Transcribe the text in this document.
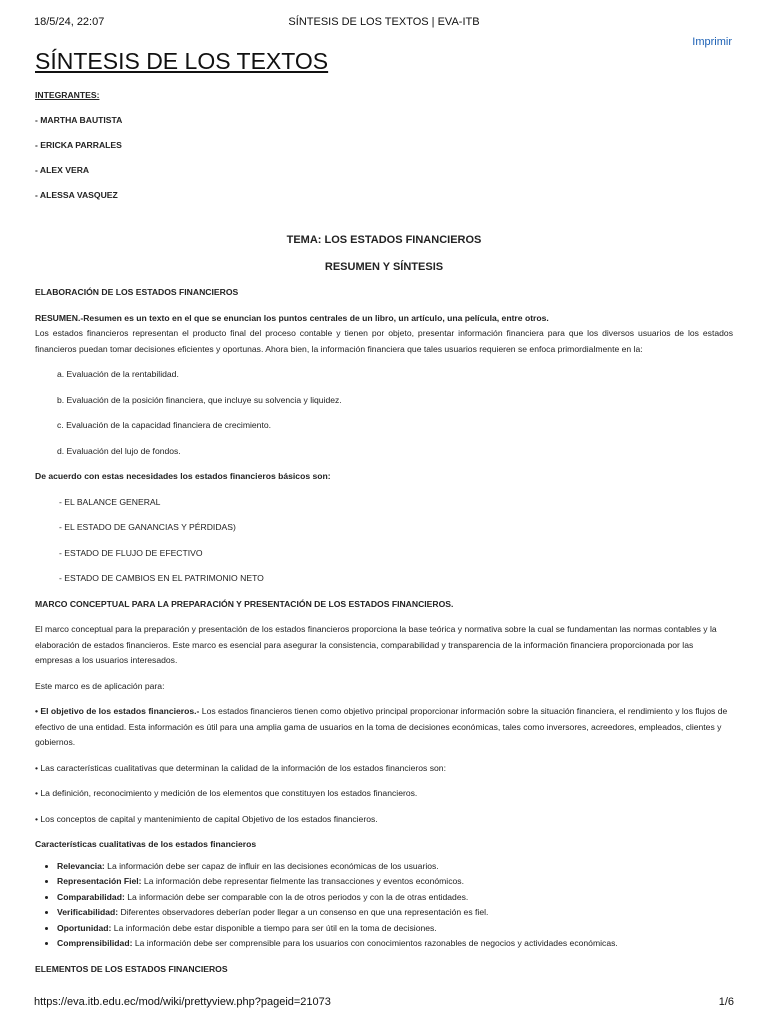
18/5/24, 22:07	SÍNTESIS DE LOS TEXTOS | EVA-ITB
Imprimir
SÍNTESIS DE LOS TEXTOS

INTEGRANTES:

- MARTHA BAUTISTA

- ERICKA PARRALES

- ALEX VERA

- ALESSA VASQUEZ

TEMA: LOS ESTADOS FINANCIEROS

RESUMEN Y SÍNTESIS

ELABORACIÓN DE LOS ESTADOS FINANCIEROS

RESUMEN.-Resumen es un texto en el que se enuncian los puntos centrales de un libro, un artículo, una película, entre otros.

Los estados financieros representan el producto final del proceso contable y tienen por objeto, presentar información financiera para que los diversos usuarios de los estados financieros puedan tomar decisiones eficientes y oportunas. Ahora bien, la información financiera que tales usuarios requieren se enfoca primordialmente en la:

a. Evaluación de la rentabilidad.

b. Evaluación de la posición financiera, que incluye su solvencia y liquidez.

c. Evaluación de la capacidad financiera de crecimiento.

d. Evaluación del lujo de fondos.

De acuerdo con estas necesidades los estados financieros básicos son:

- EL BALANCE GENERAL

- EL ESTADO DE GANANCIAS Y PÉRDIDAS)

- ESTADO DE FLUJO DE EFECTIVO

- ESTADO DE CAMBIOS EN EL PATRIMONIO NETO

MARCO CONCEPTUAL PARA LA PREPARACIÓN Y PRESENTACIÓN DE LOS ESTADOS FINANCIEROS.

El marco conceptual para la preparación y presentación de los estados financieros proporciona la base teórica y normativa sobre la cual se fundamentan las normas contables y la elaboración de estados financieros. Este marco es esencial para asegurar la consistencia, comparabilidad y transparencia de la información financiera proporcionada por las empresas a los usuarios interesados.

Este marco es de aplicación para:

• El objetivo de los estados financieros.- Los estados financieros tienen como objetivo principal proporcionar información sobre la situación financiera, el rendimiento y los flujos de efectivo de una entidad. Esta información es útil para una amplia gama de usuarios en la toma de decisiones económicas, tales como inversores, acreedores, empleados, clientes y gobiernos.

• Las características cualitativas que determinan la calidad de la información de los estados financieros son:

• La definición, reconocimiento y medición de los elementos que constituyen los estados financieros.

• Los conceptos de capital y mantenimiento de capital Objetivo de los estados financieros.

Características cualitativas de los estados financieros

• Relevancia: La información debe ser capaz de influir en las decisiones económicas de los usuarios.
• Representación Fiel: La información debe representar fielmente las transacciones y eventos económicos.
• Comparabilidad: La información debe ser comparable con la de otros periodos y con la de otras entidades.
• Verificabilidad: Diferentes observadores deberían poder llegar a un consenso en que una representación es fiel.
• Oportunidad: La información debe estar disponible a tiempo para ser útil en la toma de decisiones.
• Comprensibilidad: La información debe ser comprensible para los usuarios con conocimientos razonables de negocios y actividades económicas.

ELEMENTOS DE LOS ESTADOS FINANCIEROS

https://eva.itb.edu.ec/mod/wiki/prettyview.php?pageid=21073	1/6
